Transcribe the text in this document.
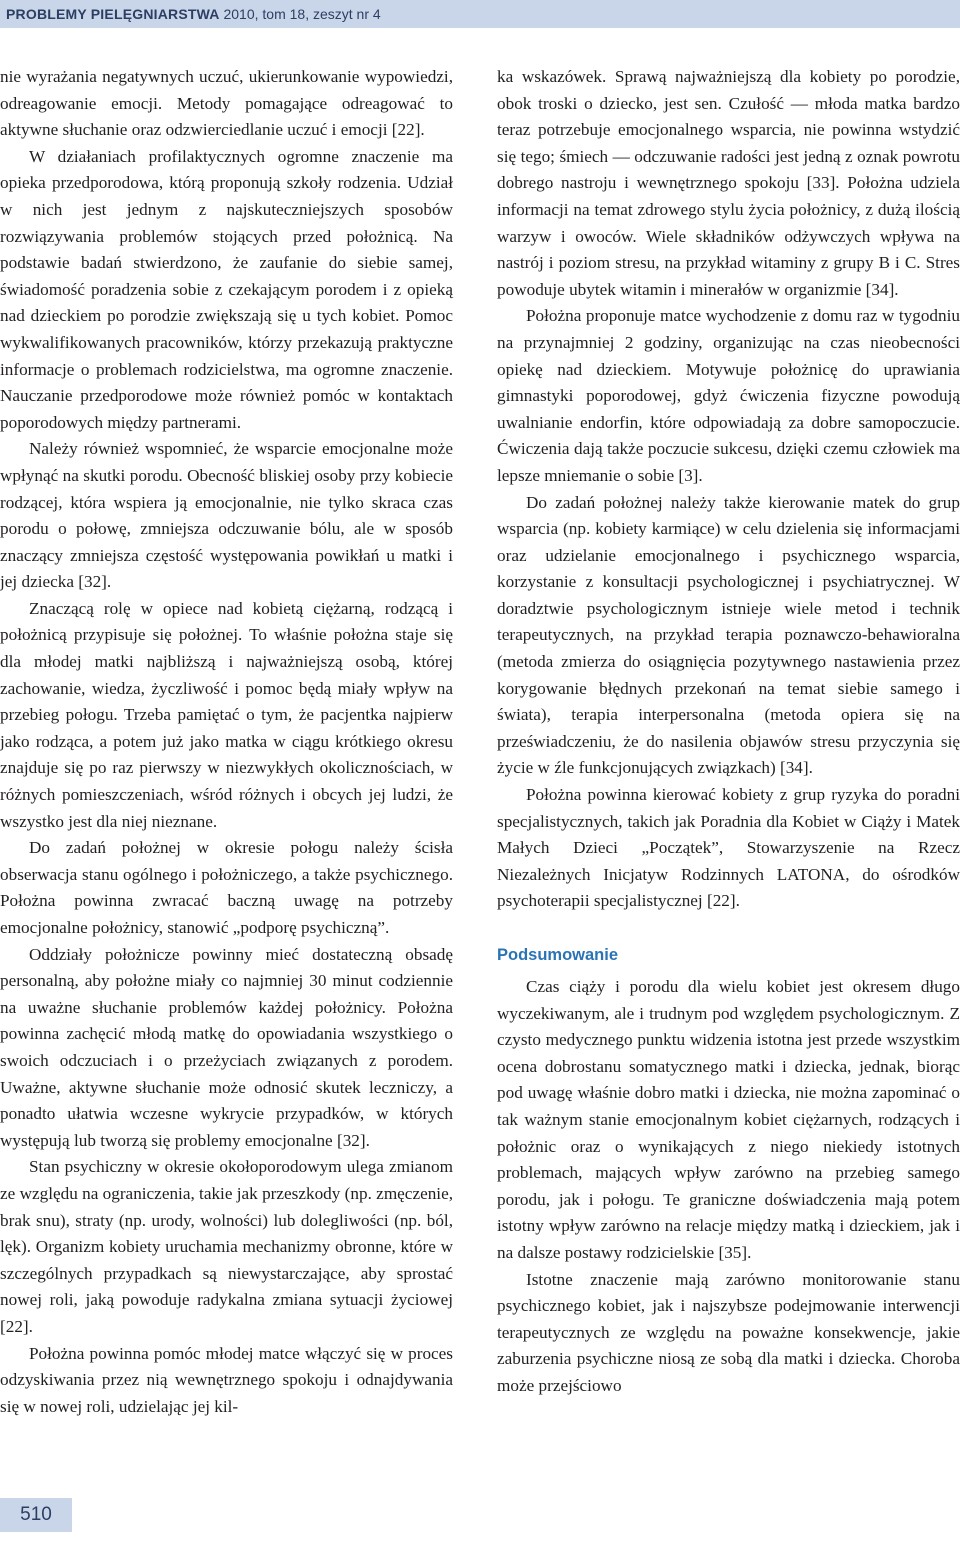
PROBLEMY PIELĘGNIARSTWA 2010, tom 18, zeszyt nr 4

nie wyrażania negatywnych uczuć, ukierunkowanie wypowiedzi, odreagowanie emocji. Metody pomagające odreagować to aktywne słuchanie oraz odzwierciedlanie uczuć i emocji [22].

W działaniach profilaktycznych ogromne znaczenie ma opieka przedporodowa, którą proponują szkoły rodzenia. Udział w nich jest jednym z najskuteczniejszych sposobów rozwiązywania problemów stojących przed położnicą. Na podstawie badań stwierdzono, że zaufanie do siebie samej, świadomość poradzenia sobie z czekającym porodem i z opieką nad dzieckiem po porodzie zwiększają się u tych kobiet. Pomoc wykwalifikowanych pracowników, którzy przekazują praktyczne informacje o problemach rodzicielstwa, ma ogromne znaczenie. Nauczanie przedporodowe może również pomóc w kontaktach poporodowych między partnerami.

Należy również wspomnieć, że wsparcie emocjonalne może wpłynąć na skutki porodu. Obecność bliskiej osoby przy kobiecie rodzącej, która wspiera ją emocjonalnie, nie tylko skraca czas porodu o połowę, zmniejsza odczuwanie bólu, ale w sposób znaczący zmniejsza częstość występowania powikłań u matki i jej dziecka [32].

Znaczącą rolę w opiece nad kobietą ciężarną, rodzącą i położnicą przypisuje się położnej. To właśnie położna staje się dla młodej matki najbliższą i najważniejszą osobą, której zachowanie, wiedza, życzliwość i pomoc będą miały wpływ na przebieg połogu. Trzeba pamiętać o tym, że pacjentka najpierw jako rodząca, a potem już jako matka w ciągu krótkiego okresu znajduje się po raz pierwszy w niezwykłych okolicznościach, w różnych pomieszczeniach, wśród różnych i obcych jej ludzi, że wszystko jest dla niej nieznane.

Do zadań położnej w okresie połogu należy ścisła obserwacja stanu ogólnego i położniczego, a także psychicznego. Położna powinna zwracać baczną uwagę na potrzeby emocjonalne położnicy, stanowić „podporę psychiczną”.

Oddziały położnicze powinny mieć dostateczną obsadę personalną, aby położne miały co najmniej 30 minut codziennie na uważne słuchanie problemów każdej położnicy. Położna powinna zachęcić młodą matkę do opowiadania wszystkiego o swoich odczuciach i o przeżyciach związanych z porodem. Uważne, aktywne słuchanie może odnosić skutek leczniczy, a ponadto ułatwia wczesne wykrycie przypadków, w których występują lub tworzą się problemy emocjonalne [32].

Stan psychiczny w okresie okołoporodowym ulega zmianom ze względu na ograniczenia, takie jak przeszkody (np. zmęczenie, brak snu), straty (np. urody, wolności) lub dolegliwości (np. ból, lęk). Organizm kobiety uruchamia mechanizmy obronne, które w szczególnych przypadkach są niewystarczające, aby sprostać nowej roli, jaką powoduje radykalna zmiana sytuacji życiowej [22].

Położna powinna pomóc młodej matce włączyć się w proces odzyskiwania przez nią wewnętrznego spokoju i odnajdywania się w nowej roli, udzielając jej kil-

ka wskazówek. Sprawą najważniejszą dla kobiety po porodzie, obok troski o dziecko, jest sen. Czułość — młoda matka bardzo teraz potrzebuje emocjonalnego wsparcia, nie powinna wstydzić się tego; śmiech — odczuwanie radości jest jedną z oznak powrotu dobrego nastroju i wewnętrznego spokoju [33]. Położna udziela informacji na temat zdrowego stylu życia położnicy, z dużą ilością warzyw i owoców. Wiele składników odżywczych wpływa na nastrój i poziom stresu, na przykład witaminy z grupy B i C. Stres powoduje ubytek witamin i minerałów w organizmie [34].

Położna proponuje matce wychodzenie z domu raz w tygodniu na przynajmniej 2 godziny, organizując na czas nieobecności opiekę nad dzieckiem. Motywuje położnicę do uprawiania gimnastyki poporodowej, gdyż ćwiczenia fizyczne powodują uwalnianie endorfin, które odpowiadają za dobre samopoczucie. Ćwiczenia dają także poczucie sukcesu, dzięki czemu człowiek ma lepsze mniemanie o sobie [3].

Do zadań położnej należy także kierowanie matek do grup wsparcia (np. kobiety karmiące) w celu dzielenia się informacjami oraz udzielanie emocjonalnego i psychicznego wsparcia, korzystanie z konsultacji psychologicznej i psychiatrycznej. W doradztwie psychologicznym istnieje wiele metod i technik terapeutycznych, na przykład terapia poznawczo-behawioralna (metoda zmierza do osiągnięcia pozytywnego nastawienia przez korygowanie błędnych przekonań na temat siebie samego i świata), terapia interpersonalna (metoda opiera się na przeświadczeniu, że do nasilenia objawów stresu przyczynia się życie w źle funkcjonujących związkach) [34].

Położna powinna kierować kobiety z grup ryzyka do poradni specjalistycznych, takich jak Poradnia dla Kobiet w Ciąży i Matek Małych Dzieci „Początek”, Stowarzyszenie na Rzecz Niezależnych Inicjatyw Rodzinnych LATONA, do ośrodków psychoterapii specjalistycznej [22].

Podsumowanie

Czas ciąży i porodu dla wielu kobiet jest okresem długo wyczekiwanym, ale i trudnym pod względem psychologicznym. Z czysto medycznego punktu widzenia istotna jest przede wszystkim ocena dobrostanu somatycznego matki i dziecka, jednak, biorąc pod uwagę właśnie dobro matki i dziecka, nie można zapominać o tak ważnym stanie emocjonalnym kobiet ciężarnych, rodzących i położnic oraz o wynikających z niego niekiedy istotnych problemach, mających wpływ zarówno na przebieg samego porodu, jak i połogu. Te graniczne doświadczenia mają potem istotny wpływ zarówno na relacje między matką i dzieckiem, jak i na dalsze postawy rodzicielskie [35].

Istotne znaczenie mają zarówno monitorowanie stanu psychicznego kobiet, jak i najszybsze podejmowanie interwencji terapeutycznych ze względu na poważne konsekwencje, jakie zaburzenia psychiczne niosą ze sobą dla matki i dziecka. Choroba może przejściowo

510
